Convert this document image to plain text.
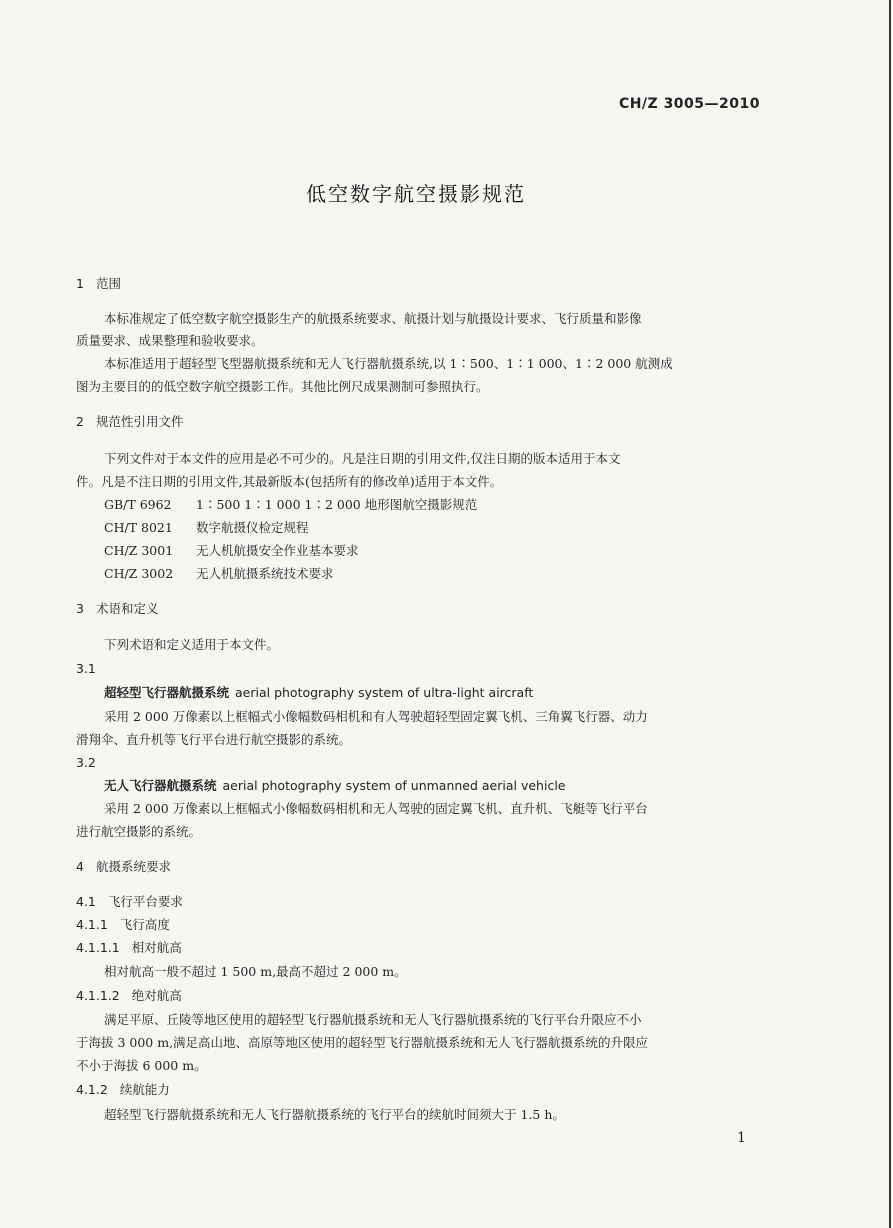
CH/Z 3005—2010
低空数字航空摄影规范
1 范围
本标准规定了低空数字航空摄影生产的航摄系统要求、航摄计划与航摄设计要求、飞行质量和影像
质量要求、成果整理和验收要求。
本标准适用于超轻型飞型器航摄系统和无人飞行器航摄系统,以 1∶500、1∶1 000、1∶2 000 航测成
图为主要目的的低空数字航空摄影工作。其他比例尺成果测制可参照执行。
2 规范性引用文件
下列文件对于本文件的应用是必不可少的。凡是注日期的引用文件,仅注日期的版本适用于本文
件。凡是不注日期的引用文件,其最新版本(包括所有的修改单)适用于本文件。
GB/T 6962 1∶500 1∶1 000 1∶2 000 地形图航空摄影规范
CH/T 8021 数字航摄仪检定规程
CH/Z 3001 无人机航摄安全作业基本要求
CH/Z 3002 无人机航摄系统技术要求
3 术语和定义
下列术语和定义适用于本文件。
3.1
超轻型飞行器航摄系统 aerial photography system of ultra-light aircraft
采用 2 000 万像素以上框幅式小像幅数码相机和有人驾驶超轻型固定翼飞机、三角翼飞行器、动力
滑翔伞、直升机等飞行平台进行航空摄影的系统。
3.2
无人飞行器航摄系统 aerial photography system of unmanned aerial vehicle
采用 2 000 万像素以上框幅式小像幅数码相机和无人驾驶的固定翼飞机、直升机、飞艇等飞行平台
进行航空摄影的系统。
4 航摄系统要求
4.1 飞行平台要求
4.1.1 飞行高度
4.1.1.1 相对航高
相对航高一般不超过 1 500 m,最高不超过 2 000 m。
4.1.1.2 绝对航高
满足平原、丘陵等地区使用的超轻型飞行器航摄系统和无人飞行器航摄系统的飞行平台升限应不小
于海拔 3 000 m,满足高山地、高原等地区使用的超轻型飞行器航摄系统和无人飞行器航摄系统的升限应
不小于海拔 6 000 m。
4.1.2 续航能力
超轻型飞行器航摄系统和无人飞行器航摄系统的飞行平台的续航时间须大于 1.5 h。
1
